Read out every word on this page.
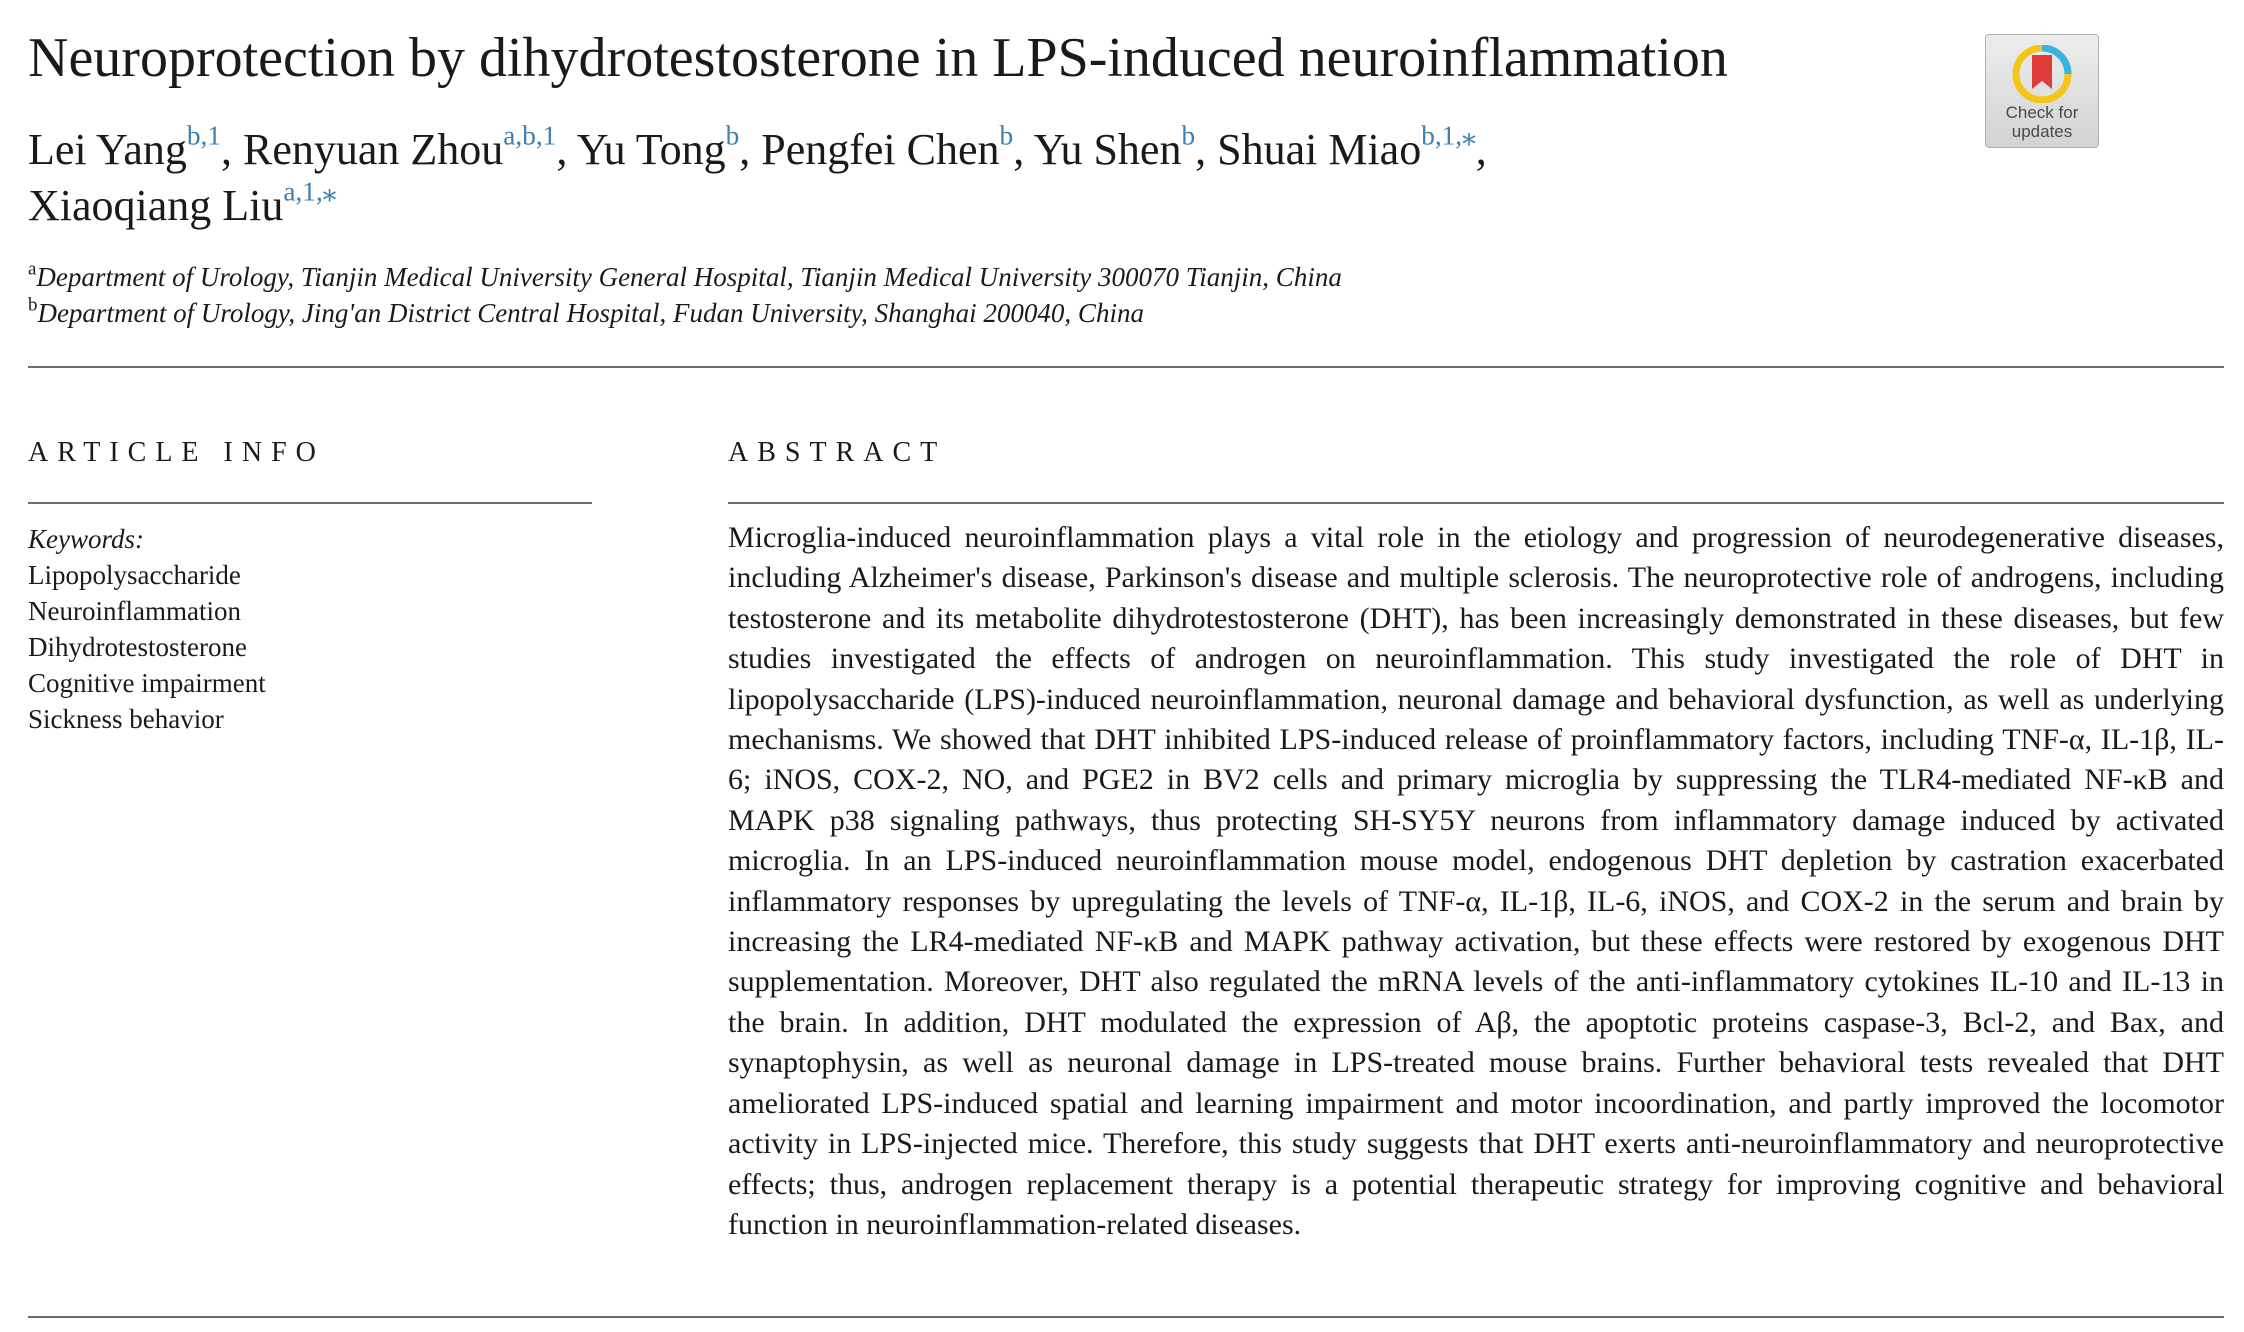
Neuroprotection by dihydrotestosterone in LPS-induced neuroinflammation
Check for
updates
Lei Yang$^{b,1}$, Renyuan Zhou$^{a,b,1}$, Yu Tong$^b$, Pengfei Chen$^b$, Yu Shen$^b$, Shuai Miao$^{b,1,⁎}$,
Xiaoqiang Liu$^{a,1,⁎}$
$^a$Department of Urology, Tianjin Medical University General Hospital, Tianjin Medical University 300070 Tianjin, China
$^b$Department of Urology, Jing'an District Central Hospital, Fudan University, Shanghai 200040, China
ARTICLE INFO	ABSTRACT
Keywords:
Lipopolysaccharide
Neuroinflammation
Dihydrotestosterone
Cognitive impairment
Sickness behavior

Microglia-induced neuroinflammation plays a vital role in the etiology and progression of neurodegenerative diseases, including Alzheimer's disease, Parkinson's disease and multiple sclerosis. The neuroprotective role of androgens, including testosterone and its metabolite dihydrotestosterone (DHT), has been increasingly demonstrated in these diseases, but few studies investigated the effects of androgen on neuroinflammation. This study investigated the role of DHT in lipopolysaccharide (LPS)-induced neuroinflammation, neuronal damage and behavioral dysfunction, as well as underlying mechanisms. We showed that DHT inhibited LPS-induced release of proinflammatory factors, including TNF-α, IL-1β, IL-6; iNOS, COX-2, NO, and PGE2 in BV2 cells and primary microglia by suppressing the TLR4-mediated NF-κB and MAPK p38 signaling pathways, thus protecting SH-SY5Y neurons from inflammatory damage induced by activated microglia. In an LPS-induced neuroinflammation mouse model, endogenous DHT depletion by castration exacerbated inflammatory responses by upregulating the levels of TNF-α, IL-1β, IL-6, iNOS, and COX-2 in the serum and brain by increasing the LR4-mediated NF-κB and MAPK pathway activation, but these effects were restored by exogenous DHT supplementation. Moreover, DHT also regulated the mRNA levels of the anti-inflammatory cytokines IL-10 and IL-13 in the brain. In addition, DHT modulated the expression of Aβ, the apoptotic proteins caspase-3, Bcl-2, and Bax, and synaptophysin, as well as neuronal damage in LPS-treated mouse brains. Further behavioral tests revealed that DHT ameliorated LPS-induced spatial and learning impairment and motor incoordination, and partly improved the locomotor activity in LPS-injected mice. Therefore, this study suggests that DHT exerts anti-neuroinflammatory and neuroprotective effects; thus, androgen replacement therapy is a potential therapeutic strategy for improving cognitive and behavioral function in neuroinflammation-related diseases.
